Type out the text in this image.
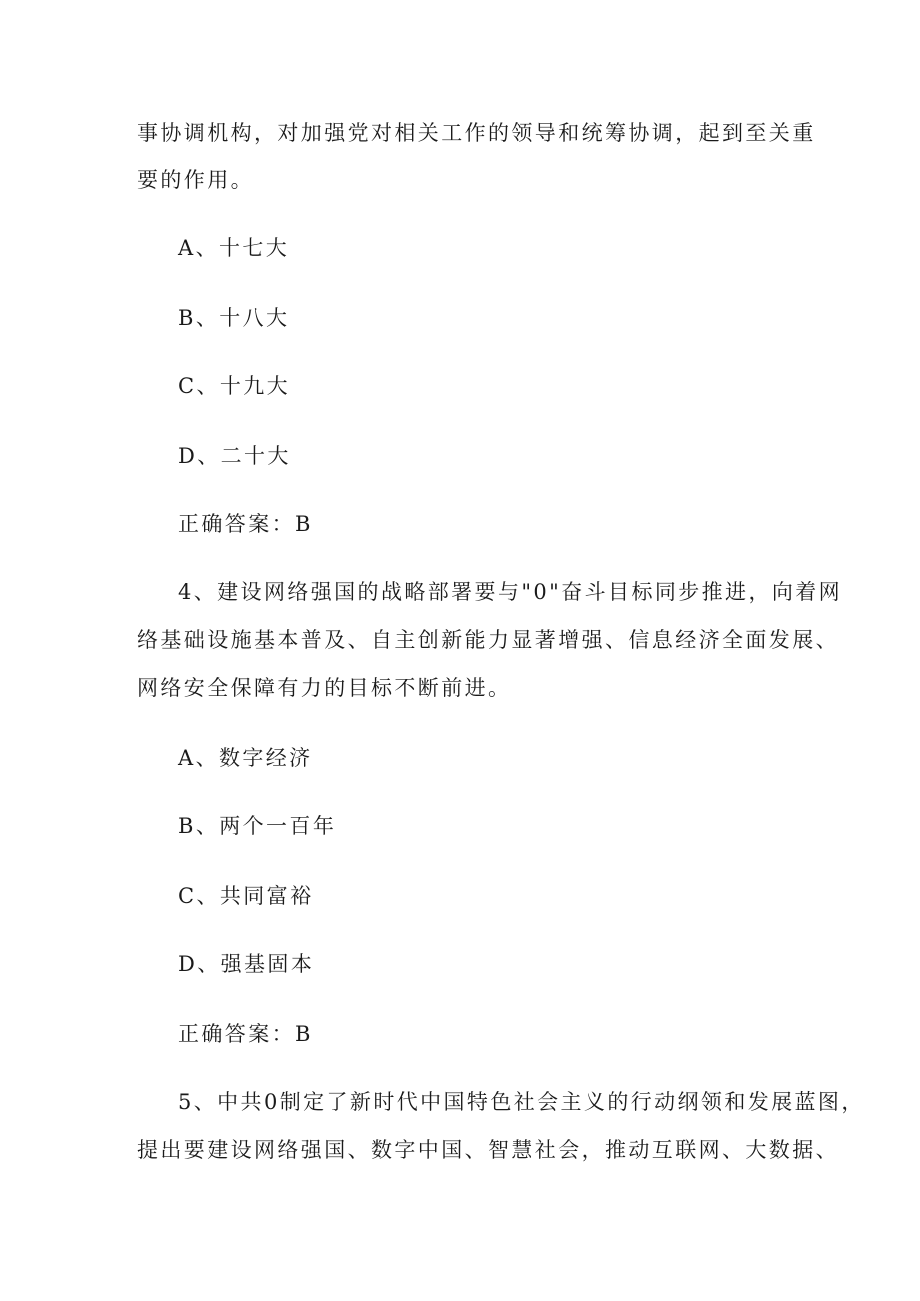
事协调机构，对加强党对相关工作的领导和统筹协调，起到至关重
要的作用。
A、十七大
B、十八大
C、十九大
D、二十大
正确答案：B
4、建设网络强国的战略部署要与"0"奋斗目标同步推进，向着网
络基础设施基本普及、自主创新能力显著增强、信息经济全面发展、
网络安全保障有力的目标不断前进。
A、数字经济
B、两个一百年
C、共同富裕
D、强基固本
正确答案：B
5、中共0制定了新时代中国特色社会主义的行动纲领和发展蓝图，
提出要建设网络强国、数字中国、智慧社会，推动互联网、大数据、
